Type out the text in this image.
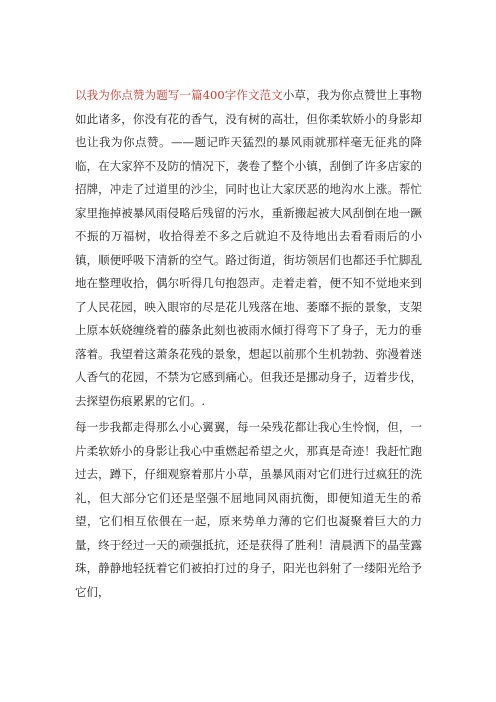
以我为你点赞为题写一篇400字作文范文小草，我为你点赞世上事物如此诸多，你没有花的香气，没有树的高壮，但你柔软娇小的身影却也让我为你点赞。——题记昨天猛烈的暴风雨就那样毫无征兆的降临，在大家猝不及防的情况下，袭卷了整个小镇，刮倒了许多店家的招牌，冲走了过道里的沙尘，同时也让大家厌恶的地沟水上涨。帮忙家里拖掉被暴风雨侵略后残留的污水，重新搬起被大风刮倒在地一蹶不振的万福树，收拾得差不多之后就迫不及待地出去看看雨后的小镇，顺便呼吸下清新的空气。路过街道，街坊领居们也都还手忙脚乱地在整理收拾，偶尔听得几句抱怨声。走着走着，便不知不觉地来到了人民花园，映入眼帘的尽是花儿残落在地、萎靡不振的景象，支架上原本妖娆缠绕着的藤条此刻也被雨水倾打得弯下了身子，无力的垂落着。我望着这萧条花残的景象，想起以前那个生机勃勃、弥漫着迷人香气的花园，不禁为它感到痛心。但我还是挪动身子，迈着步伐，去探望伤痕累累的它们。.

每一步我都走得那么小心翼翼，每一朵残花都让我心生怜悯，但，一片柔软娇小的身影让我心中重燃起希望之火，那真是奇迹！我赶忙跑过去，蹲下，仔细观察着那片小草，虽暴风雨对它们进行过疯狂的洗礼，但大部分它们还是坚强不屈地同风雨抗衡，即便知道无生的希望，它们相互依偎在一起，原来势单力薄的它们也凝聚着巨大的力量，终于经过一天的顽强抵抗，还是获得了胜利！清晨洒下的晶莹露珠，静静地轻抚着它们被拍打过的身子，阳光也斜射了一缕阳光给予它们，
